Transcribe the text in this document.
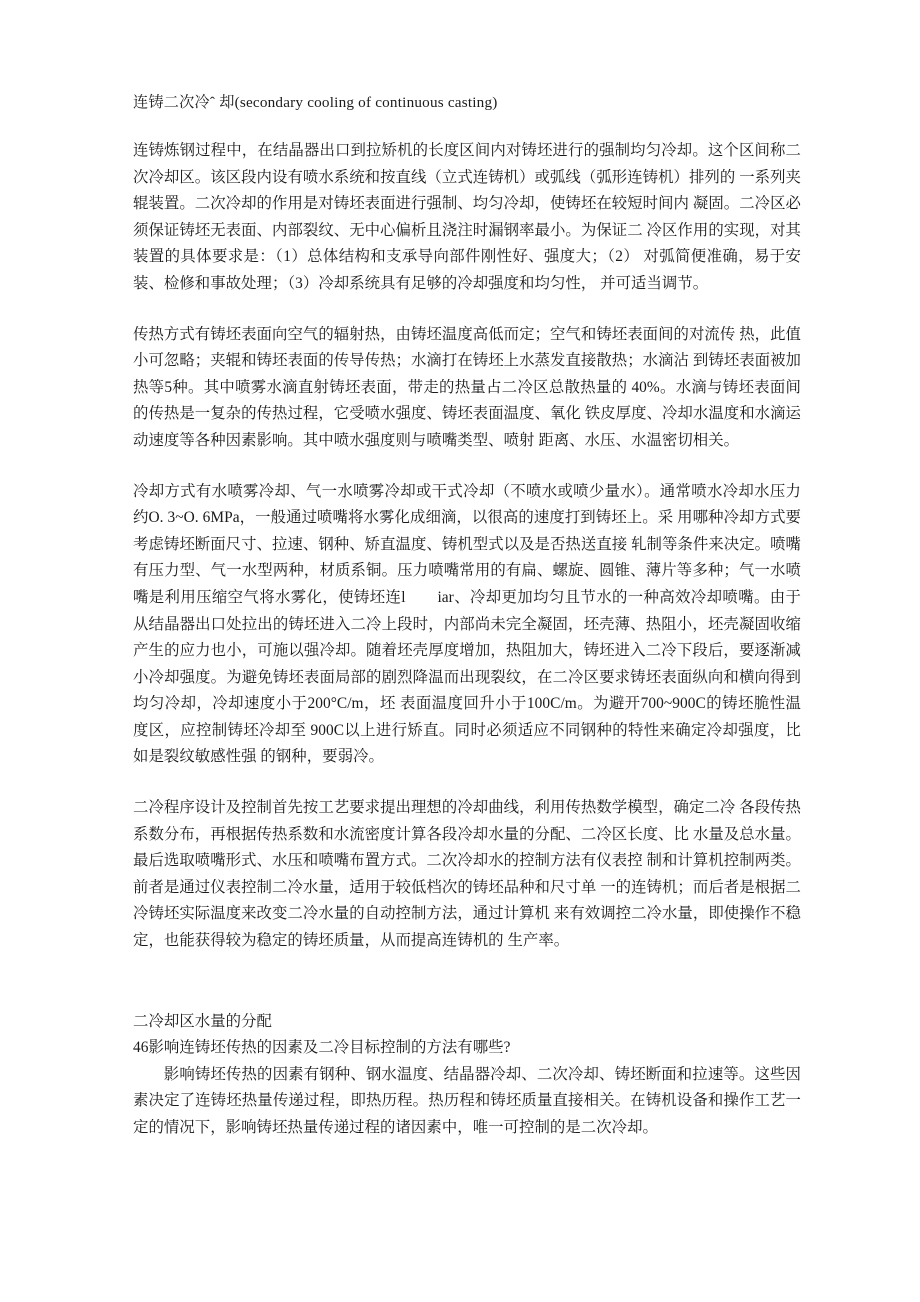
连铸二次冷ˆ 却(secondary cooling of continuous casting)

连铸炼钢过程中，在结晶器出口到拉矫机的长度区间内对铸坯进行的强制均匀冷却。这个区间称二次冷却区。该区段内设有喷水系统和按直线（立式连铸机）或弧线（弧形连铸机）排列的 一系列夹辊装置。二次冷却的作用是对铸坯表面进行强制、均匀冷却，使铸坯在较短时间内 凝固。二冷区必须保证铸坯无表面、内部裂纹、无中心偏析且浇注时漏钢率最小。为保证二 冷区作用的实现，对其装置的具体要求是：（1）总体结构和支承导向部件刚性好、强度大；（2） 对弧简便准确，易于安装、检修和事故处理；（3）冷却系统具有足够的冷却强度和均匀性， 并可适当调节。

传热方式有铸坯表面向空气的辐射热，由铸坯温度高低而定；空气和铸坯表面间的对流传 热，此值小可忽略；夹辊和铸坯表面的传导传热；水滴打在铸坯上水蒸发直接散热；水滴沾 到铸坯表面被加热等5种。其中喷雾水滴直射铸坯表面，带走的热量占二冷区总散热量的 40%。水滴与铸坯表面间的传热是一复杂的传热过程，它受喷水强度、铸坯表面温度、氧化 铁皮厚度、冷却水温度和水滴运动速度等各种因素影响。其中喷水强度则与喷嘴类型、喷射 距离、水压、水温密切相关。

冷却方式有水喷雾冷却、气一水喷雾冷却或干式冷却（不喷水或喷少量水）。通常喷水冷却水压力约O. 3~O. 6MPa，一般通过喷嘴将水雾化成细滴，以很高的速度打到铸坯上。采 用哪种冷却方式要考虑铸坯断面尺寸、拉速、钢种、矫直温度、铸机型式以及是否热送直接 轧制等条件来决定。喷嘴有压力型、气一水型两种，材质系铜。压力喷嘴常用的有扁、螺旋、圆锥、薄片等多种；气一水喷嘴是利用压缩空气将水雾化，使铸坯连l　　iar、冷却更加均匀且节水的一种高效冷却喷嘴。由于从结晶器出口处拉出的铸坯进入二冷上段时，内部尚未完全凝固，坯壳薄、热阻小，坯壳凝固收缩产生的应力也小，可施以强冷却。随着坯壳厚度增加，热阻加大，铸坯进入二冷下段后，要逐渐减小冷却强度。为避免铸坯表面局部的剧烈降温而出现裂纹，在二冷区要求铸坯表面纵向和横向得到均匀冷却，冷却速度小于200°C/m，坯 表面温度回升小于100C/m。为避开700~900C的铸坯脆性温度区，应控制铸坯冷却至 900C以上进行矫直。同时必须适应不同钢种的特性来确定冷却强度，比如是裂纹敏感性强 的钢种，要弱冷。

二冷程序设计及控制首先按工艺要求提出理想的冷却曲线，利用传热数学模型，确定二冷 各段传热系数分布，再根据传热系数和水流密度计算各段冷却水量的分配、二冷区长度、比 水量及总水量。最后选取喷嘴形式、水压和喷嘴布置方式。二次冷却水的控制方法有仪表控 制和计算机控制两类。前者是通过仪表控制二冷水量，适用于较低档次的铸坯品种和尺寸单 一的连铸机；而后者是根据二冷铸坯实际温度来改变二冷水量的自动控制方法，通过计算机 来有效调控二冷水量，即使操作不稳定，也能获得较为稳定的铸坯质量，从而提高连铸机的 生产率。

二冷却区水量的分配
46影响连铸坯传热的因素及二冷目标控制的方法有哪些?

影响铸坯传热的因素有钢种、钢水温度、结晶器冷却、二次冷却、铸坯断面和拉速等。这些因素决定了连铸坯热量传递过程，即热历程。热历程和铸坯质量直接相关。在铸机设备和操作工艺一定的情况下，影响铸坯热量传递过程的诸因素中，唯一可控制的是二次冷却。
